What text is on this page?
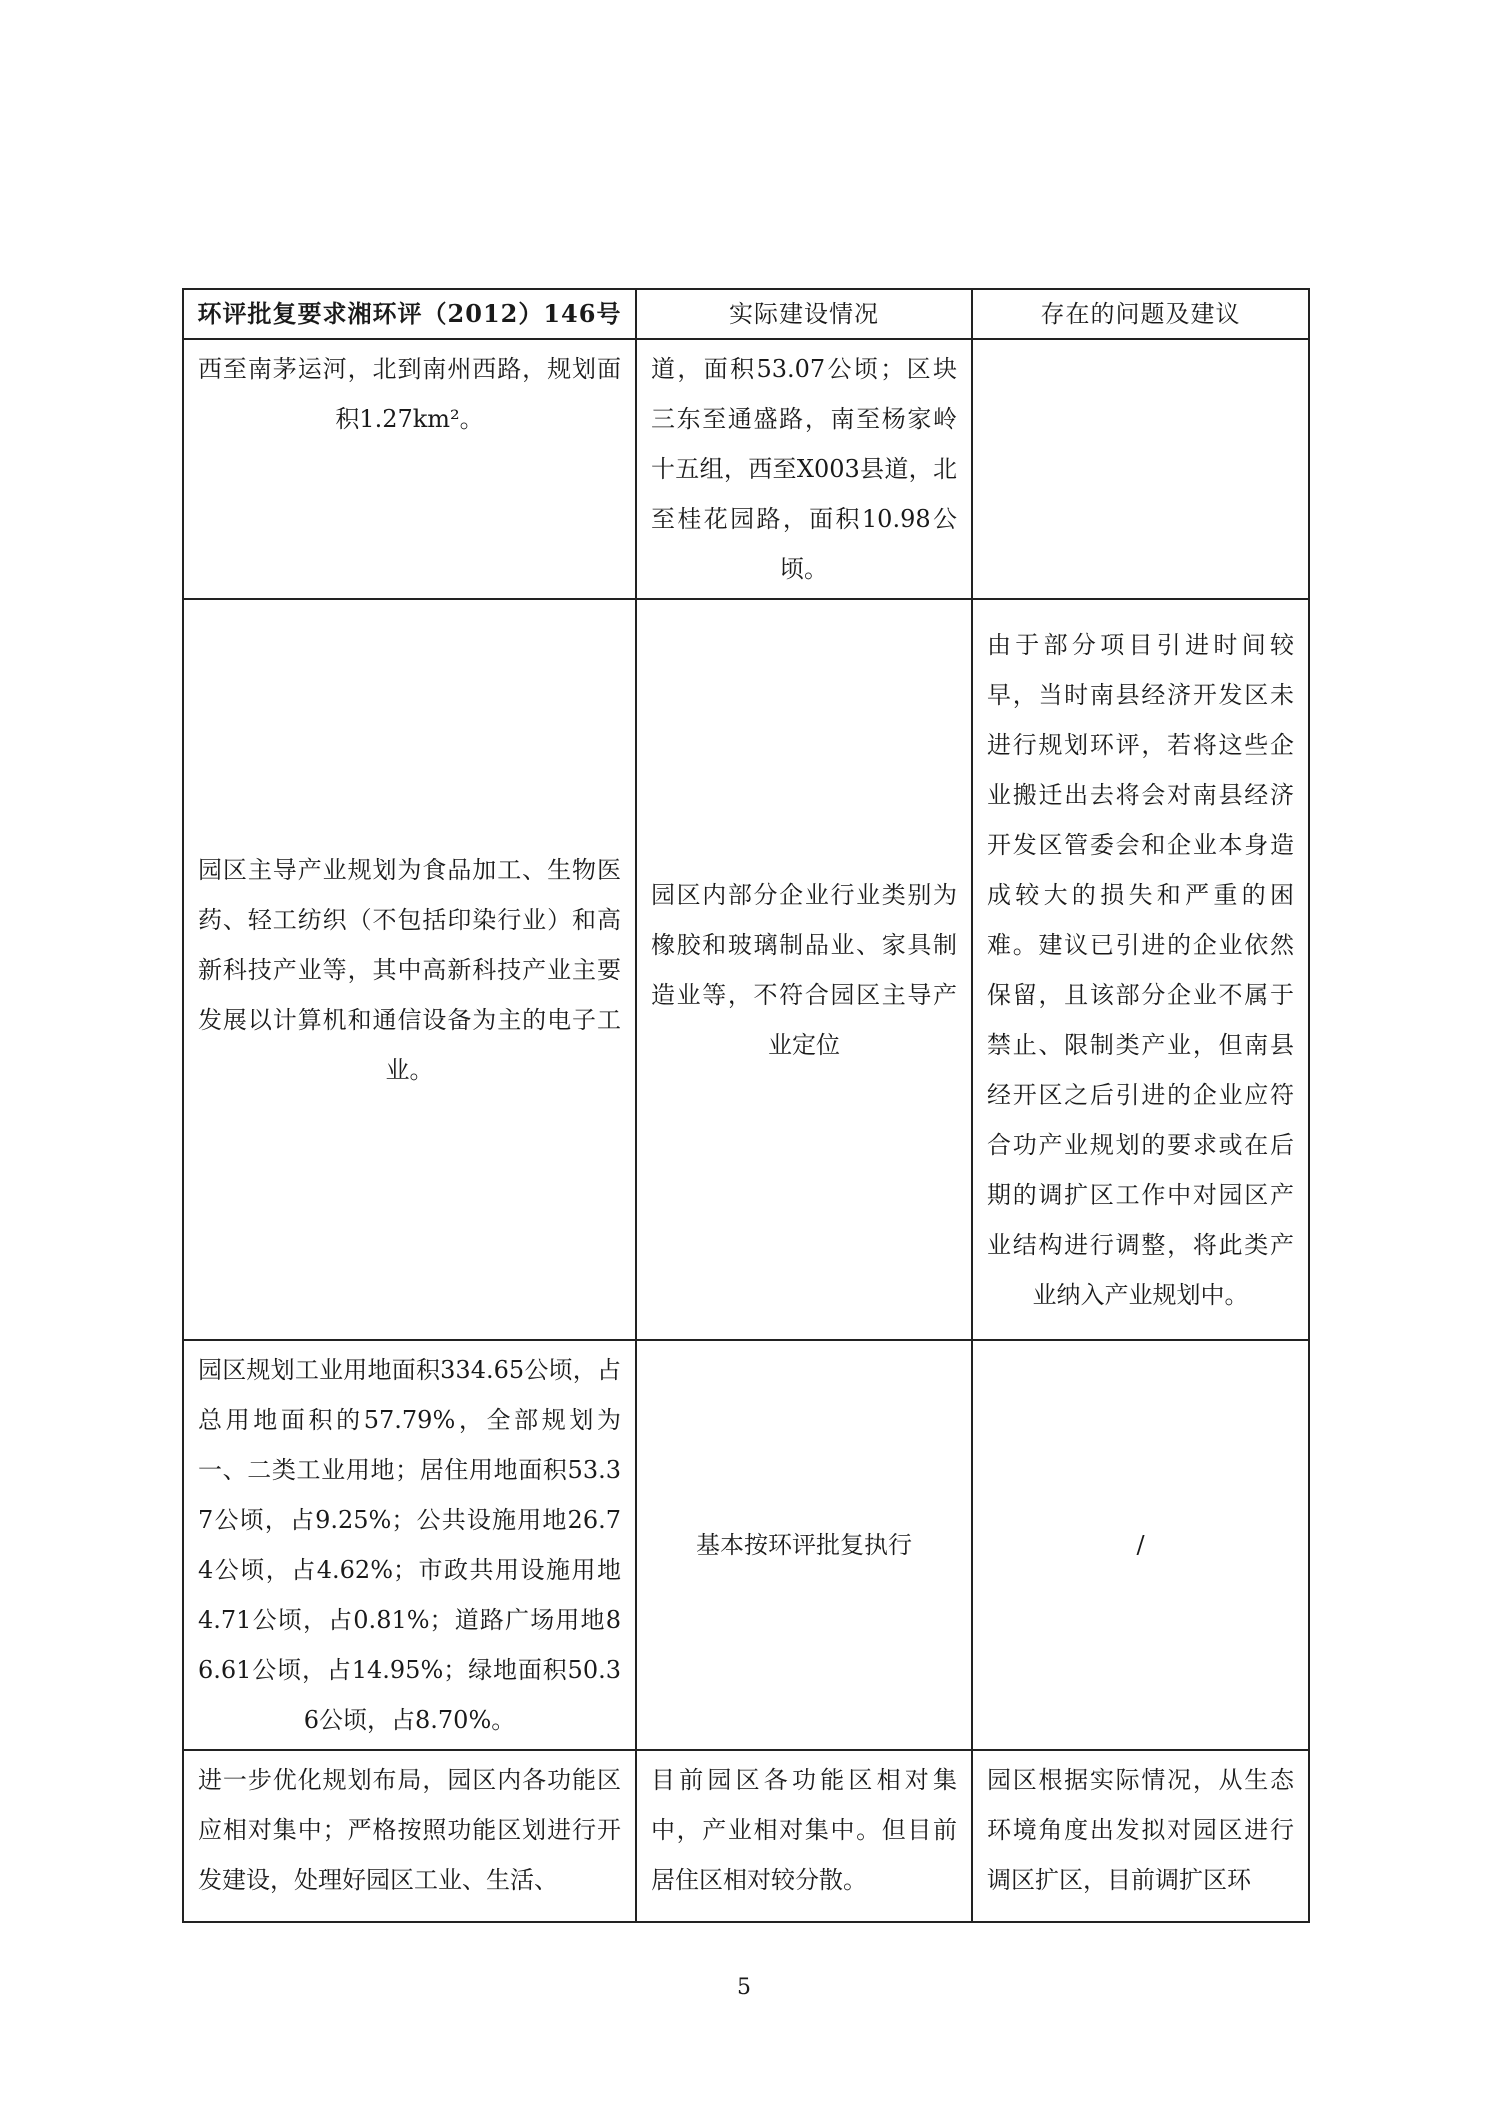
环评批复要求湘环评（2012）146号	实际建设情况	存在的问题及建议
西至南茅运河，北到南州西路，规划面积1.27km²。	道，面积53.07公顷；区块三东至通盛路，南至杨家岭十五组，西至X003县道，北至桂花园路，面积10.98公顷。	
园区主导产业规划为食品加工、生物医药、轻工纺织（不包括印染行业）和高新科技产业等，其中高新科技产业主要发展以计算机和通信设备为主的电子工业。	园区内部分企业行业类别为橡胶和玻璃制品业、家具制造业等，不符合园区主导产业定位	由于部分项目引进时间较早，当时南县经济开发区未进行规划环评，若将这些企业搬迁出去将会对南县经济开发区管委会和企业本身造成较大的损失和严重的困难。建议已引进的企业依然保留，且该部分企业不属于禁止、限制类产业，但南县经开区之后引进的企业应符合功产业规划的要求或在后期的调扩区工作中对园区产业结构进行调整，将此类产业纳入产业规划中。
园区规划工业用地面积334.65公顷，占总用地面积的57.79%，全部规划为一、二类工业用地；居住用地面积53.37公顷，占9.25%；公共设施用地26.74公顷，占4.62%；市政共用设施用地4.71公顷，占0.81%；道路广场用地86.61公顷，占14.95%；绿地面积50.36公顷，占8.70%。	基本按环评批复执行	/
进一步优化规划布局，园区内各功能区应相对集中；严格按照功能区划进行开发建设，处理好园区工业、生活、	目前园区各功能区相对集中，产业相对集中。但目前居住区相对较分散。	园区根据实际情况，从生态环境角度出发拟对园区进行调区扩区，目前调扩区环
5
